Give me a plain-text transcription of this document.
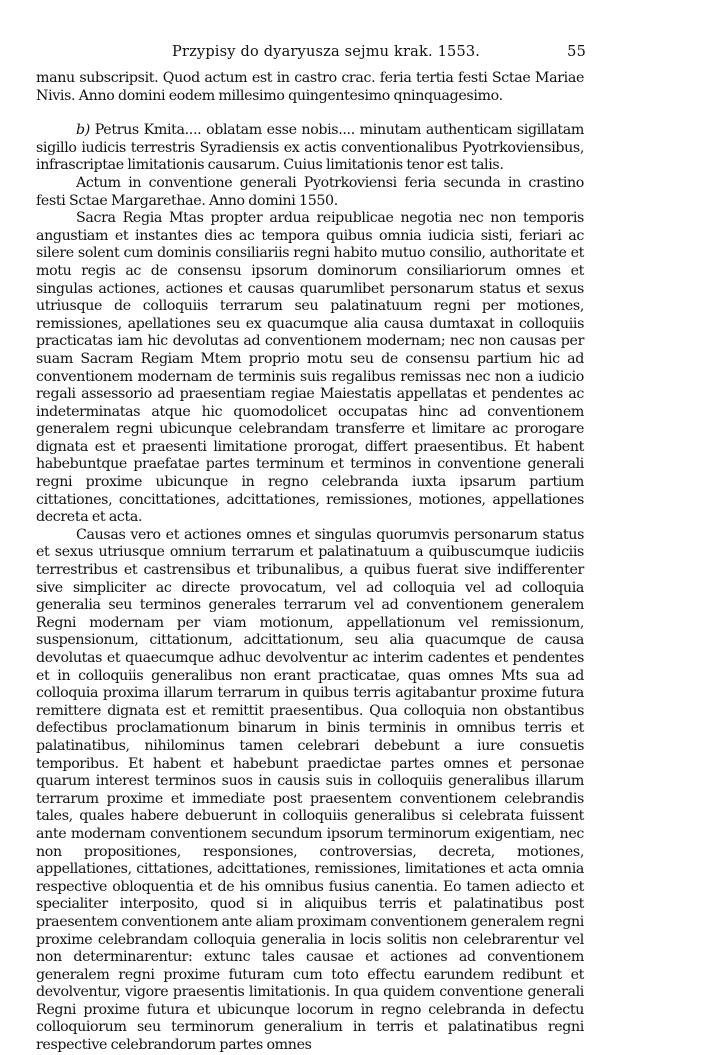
Przypisy do dyaryusza sejmu krak. 1553.	55

manu subscripsit. Quod actum est in castro crac. feria tertia festi Sctae Mariae Nivis. Anno domini eodem millesimo quingentesimo qninquagesimo.

b) Petrus Kmita.... oblatam esse nobis.... minutam authenticam sigillatam sigillo iudicis terrestris Syradiensis ex actis conventionalibus Pyotrkoviensibus, infrascriptae limitationis causarum. Cuius limitationis tenor est talis.

Actum in conventione generali Pyotrkoviensi feria secunda in crastino festi Sctae Margarethae. Anno domini 1550.

Sacra Regia Mtas propter ardua reipublicae negotia nec non temporis angustiam et instantes dies ac tempora quibus omnia iudicia sisti, feriari ac silere solent cum dominis consiliariis regni habito mutuo consilio, authoritate et motu regis ac de consensu ipsorum dominorum consiliariorum omnes et singulas actiones, actiones et causas quarumlibet personarum status et sexus utriusque de colloquiis terrarum seu palatinatuum regni per motiones, remissiones, apellationes seu ex quacumque alia causa dumtaxat in colloquiis practicatas iam hic devolutas ad conventionem modernam; nec non causas per suam Sacram Regiam Mtem proprio motu seu de consensu partium hic ad conventionem modernam de terminis suis regalibus remissas nec non a iudicio regali assessorio ad praesentiam regiae Maiestatis appellatas et pendentes ac indeterminatas atque hic quomodolicet occupatas hinc ad conventionem generalem regni ubicunque celebrandam transferre et limitare ac prorogare dignata est et praesenti limitatione prorogat, differt praesentibus. Et habent habebuntque praefatae partes terminum et terminos in conventione generali regni proxime ubicunque in regno celebranda iuxta ipsarum partium cittationes, concittationes, adcittationes, remissiones, motiones, appellationes decreta et acta.

Causas vero et actiones omnes et singulas quorumvis personarum status et sexus utriusque omnium terrarum et palatinatuum a quibuscumque iudiciis terrestribus et castrensibus et tribunalibus, a quibus fuerat sive indifferenter sive simpliciter ac directe provocatum, vel ad colloquia vel ad colloquia generalia seu terminos generales terrarum vel ad conventionem generalem Regni modernam per viam motionum, appellationum vel remissionum, suspensionum, cittationum, adcittationum, seu alia quacumque de causa devolutas et quaecumque adhuc devolventur ac interim cadentes et pendentes et in colloquiis generalibus non erant practicatae, quas omnes Mts sua ad colloquia proxima illarum terrarum in quibus terris agitabantur proxime futura remittere dignata est et remittit praesentibus. Qua colloquia non obstantibus defectibus proclamationum binarum in binis terminis in omnibus terris et palatinatibus, nihilominus tamen celebrari debebunt a iure consuetis temporibus. Et habent et habebunt praedictae partes omnes et personae quarum interest terminos suos in causis suis in colloquiis generalibus illarum terrarum proxime et immediate post praesentem conventionem celebrandis tales, quales habere debuerunt in colloquiis generalibus si celebrata fuissent ante modernam conventionem secundum ipsorum terminorum exigentiam, nec non propositiones, responsiones, controversias, decreta, motiones, appellationes, cittationes, adcittationes, remissiones, limitationes et acta omnia respective obloquentia et de his omnibus fusius canentia. Eo tamen adiecto et specialiter interposito, quod si in aliquibus terris et palatinatibus post praesentem conventionem ante aliam proximam conventionem generalem regni proxime celebrandam colloquia generalia in locis solitis non celebrarentur vel non determinarentur: extunc tales causae et actiones ad conventionem generalem regni proxime futuram cum toto effectu earundem redibunt et devolventur, vigore praesentis limitationis. In qua quidem conventione generali Regni proxime futura et ubicunque locorum in regno celebranda in defectu colloquiorum seu terminorum generalium in terris et palatinatibus regni respective celebrandorum partes omnes
